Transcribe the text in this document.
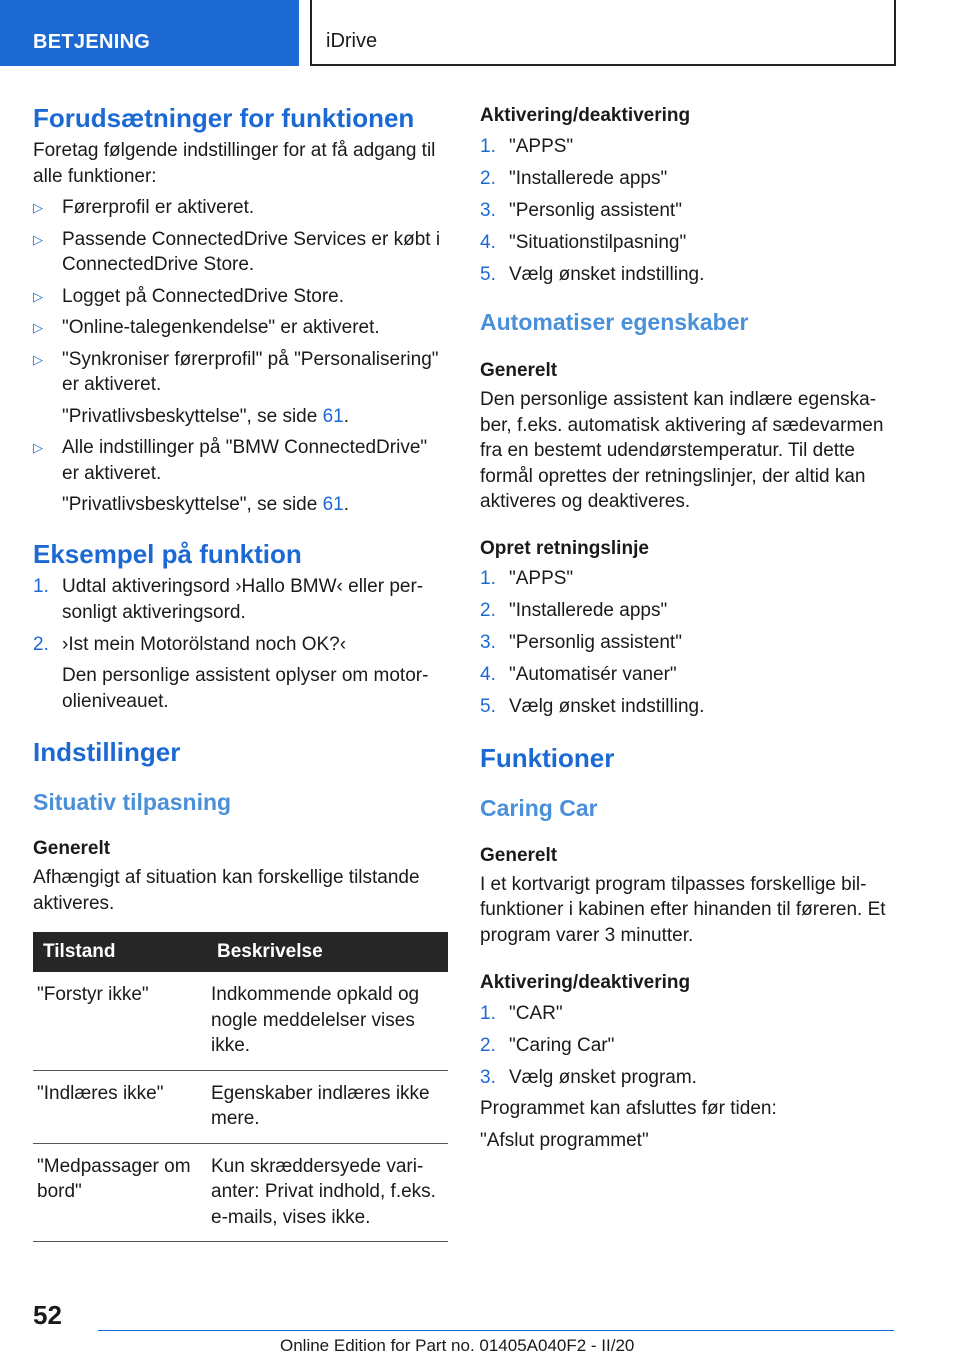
BETJENING	iDrive
Forudsætninger for funktionen
Foretag følgende indstillinger for at få adgang til alle funktioner:
▷ Førerprofil er aktiveret.
▷ Passende ConnectedDrive Services er købt i ConnectedDrive Store.
▷ Logget på ConnectedDrive Store.
▷ "Online-talegenkendelse" er aktiveret.
▷ "Synkroniser førerprofil" på "Personalisering" er aktiveret.
"Privatlivsbeskyttelse", se side 61.
▷ Alle indstillinger på "BMW ConnectedDrive" er aktiveret.
"Privatlivsbeskyttelse", se side 61.
Eksempel på funktion
1. Udtal aktiveringsord ›Hallo BMW‹ eller personligt aktiveringsord.
2. ›Ist mein Motorölstand noch OK?‹
Den personlige assistent oplyser om motorolieniveauet.
Indstillinger
Situativ tilpasning
Generelt
Afhængigt af situation kan forskellige tilstande aktiveres.
Tilstand	Beskrivelse
"Forstyr ikke"	Indkommende opkald og nogle meddelelser vises ikke.
"Indlæres ikke"	Egenskaber indlæres ikke mere.
"Medpassager om bord"	Kun skræddersyede varianter: Privat indhold, f.eks. e-mails, vises ikke.
Aktivering/deaktivering
1. "APPS"
2. "Installerede apps"
3. "Personlig assistent"
4. "Situationstilpasning"
5. Vælg ønsket indstilling.
Automatiser egenskaber
Generelt
Den personlige assistent kan indlære egenskaber, f.eks. automatisk aktivering af sædevarmen fra en bestemt udendørstemperatur. Til dette formål oprettes der retningslinjer, der altid kan aktiveres og deaktiveres.
Opret retningslinje
1. "APPS"
2. "Installerede apps"
3. "Personlig assistent"
4. "Automatisér vaner"
5. Vælg ønsket indstilling.
Funktioner
Caring Car
Generelt
I et kortvarigt program tilpasses forskellige bilfunktioner i kabinen efter hinanden til føreren. Et program varer 3 minutter.
Aktivering/deaktivering
1. "CAR"
2. "Caring Car"
3. Vælg ønsket program.
Programmet kan afsluttes før tiden:
"Afslut programmet"
52
Online Edition for Part no. 01405A040F2 - II/20
